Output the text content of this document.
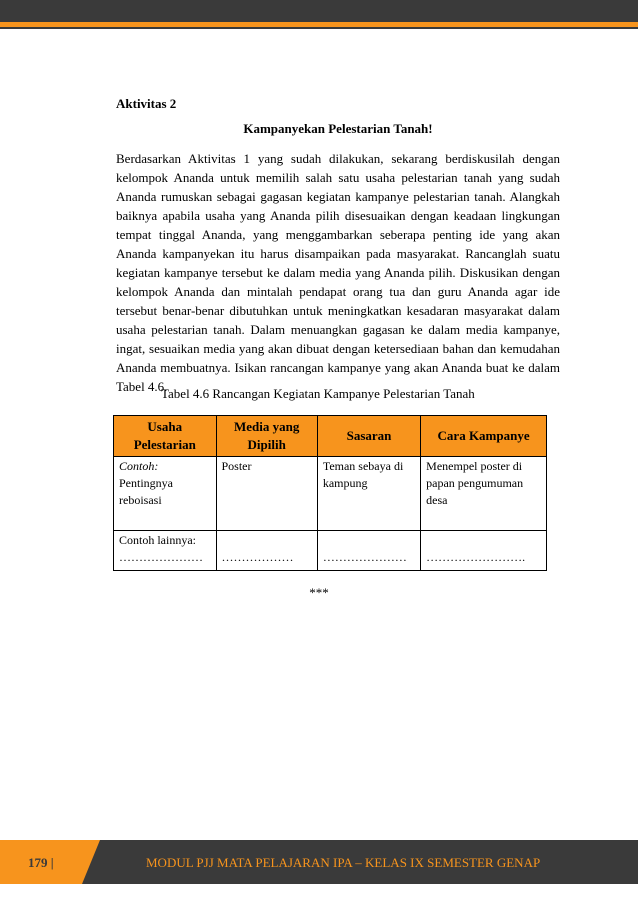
Aktivitas 2
Kampanyekan Pelestarian Tanah!

Berdasarkan Aktivitas 1 yang sudah dilakukan, sekarang berdiskusilah dengan kelompok Ananda untuk memilih salah satu usaha pelestarian tanah yang sudah Ananda rumuskan sebagai gagasan kegiatan kampanye pelestarian tanah. Alangkah baiknya apabila usaha yang Ananda pilih disesuaikan dengan keadaan lingkungan tempat tinggal Ananda, yang menggambarkan seberapa penting ide yang akan Ananda kampanyekan itu harus disampaikan pada masyarakat. Rancanglah suatu kegiatan kampanye tersebut ke dalam media yang Ananda pilih. Diskusikan dengan kelompok Ananda dan mintalah pendapat orang tua dan guru Ananda agar ide tersebut benar-benar dibutuhkan untuk meningkatkan kesadaran masyarakat dalam usaha pelestarian tanah. Dalam menuangkan gagasan ke dalam media kampanye, ingat, sesuaikan media yang akan dibuat dengan ketersediaan bahan dan kemudahan Ananda membuatnya. Isikan rancangan kampanye yang akan Ananda buat ke dalam Tabel 4.6.

Tabel 4.6 Rancangan Kegiatan Kampanye Pelestarian Tanah
Usaha Pelestarian	Media yang Dipilih	Sasaran	Cara Kampanye

Contoh:
Pentingnya reboisasi	Poster	Teman sebaya di kampung	Menempel poster di papan pengumuman desa

Contoh lainnya:
…………………	………………	…………………	…………………….
***
179 |	MODUL PJJ MATA PELAJARAN IPA – KELAS IX SEMESTER GENAP
